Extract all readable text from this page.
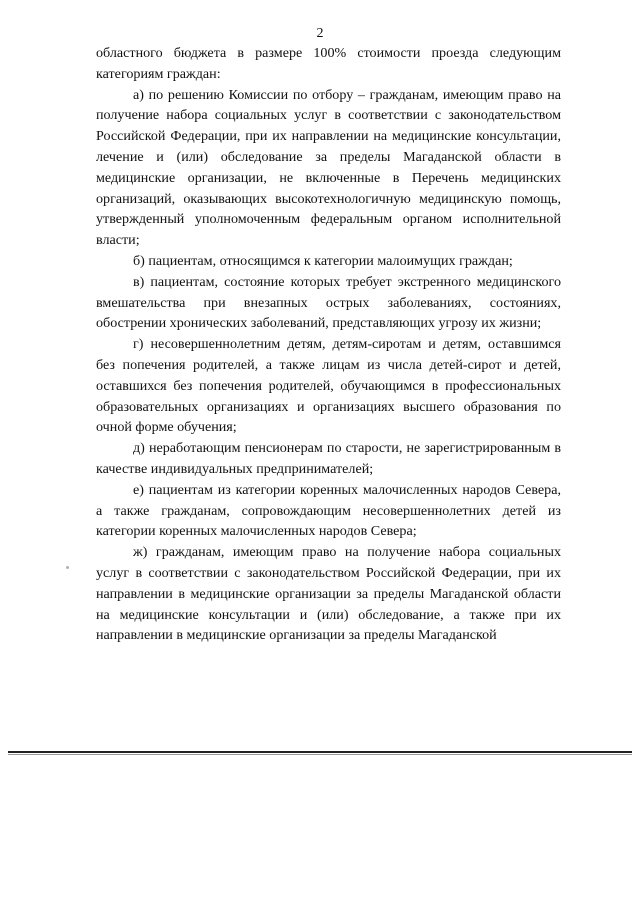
2

областного бюджета в размере 100% стоимости проезда следующим категориям граждан:

а) по решению Комиссии по отбору – гражданам, имеющим право на получение набора социальных услуг в соответствии с законодательством Российской Федерации, при их направлении на медицинские консультации, лечение и (или) обследование за пределы Магаданской области в медицинские организации, не включенные в Перечень медицинских организаций, оказывающих высокотехнологичную медицинскую помощь, утвержденный уполномоченным федеральным органом исполнительной власти;

б) пациентам, относящимся к категории малоимущих граждан;

в) пациентам, состояние которых требует экстренного медицинского вмешательства при внезапных острых заболеваниях, состояниях, обострении хронических заболеваний, представляющих угрозу их жизни;

г) несовершеннолетним детям, детям-сиротам и детям, оставшимся без попечения родителей, а также лицам из числа детей-сирот и детей, оставшихся без попечения родителей, обучающимся в профессиональных образовательных организациях и организациях высшего образования по очной форме обучения;

д) неработающим пенсионерам по старости, не зарегистрированным в качестве индивидуальных предпринимателей;

е) пациентам из категории коренных малочисленных народов Севера, а также гражданам, сопровождающим несовершеннолетних детей из категории коренных малочисленных народов Севера;

ж) гражданам, имеющим право на получение набора социальных услуг в соответствии с законодательством Российской Федерации, при их направлении в медицинские организации за пределы Магаданской области на медицинские консультации и (или) обследование, а также при их направлении в медицинские организации за пределы Магаданской
